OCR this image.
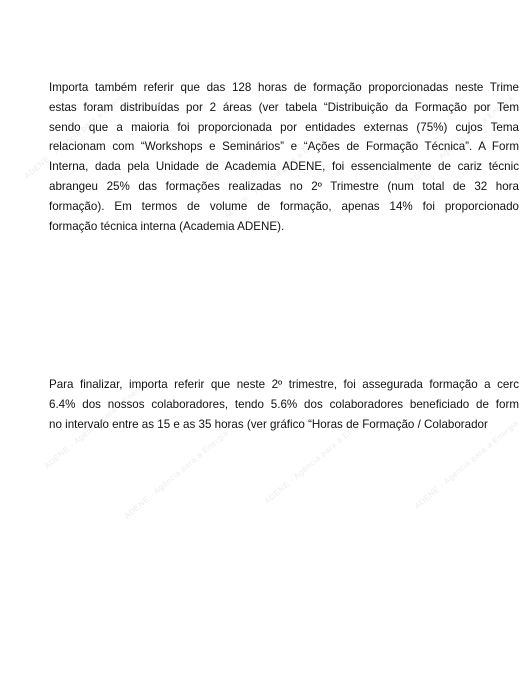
ADENE - Agência para a Energia	ADENE - Agência para a Energia	ADENE - Agência para a Energia
ADENE - Agência para a Energia
ADENE - Agência para a Energia	ADENE - Agência para a Energia	ADENE - Agência para a Energia

Importa também referir que das 128 horas de formação proporcionadas neste Trime
estas foram distribuídas por 2 áreas (ver tabela “Distribuição da Formação por Tem
sendo que a maioria foi proporcionada por entidades externas (75%) cujos Tema
relacionam com “Workshops e Seminários” e “Ações de Formação Técnica”. A Form
Interna, dada pela Unidade de Academia ADENE, foi essencialmente de cariz técnic
abrangeu 25% das formações realizadas no 2º Trimestre (num total de 32 hora
formação). Em termos de volume de formação, apenas 14% foi proporcionado
formação técnica interna (Academia ADENE).

Para finalizar, importa referir que neste 2º trimestre, foi assegurada formação a cerc
6.4% dos nossos colaboradores, tendo 5.6% dos colaboradores beneficiado de form
no intervalo entre as 15 e as 35 horas (ver gráfico “Horas de Formação / Colaborador
